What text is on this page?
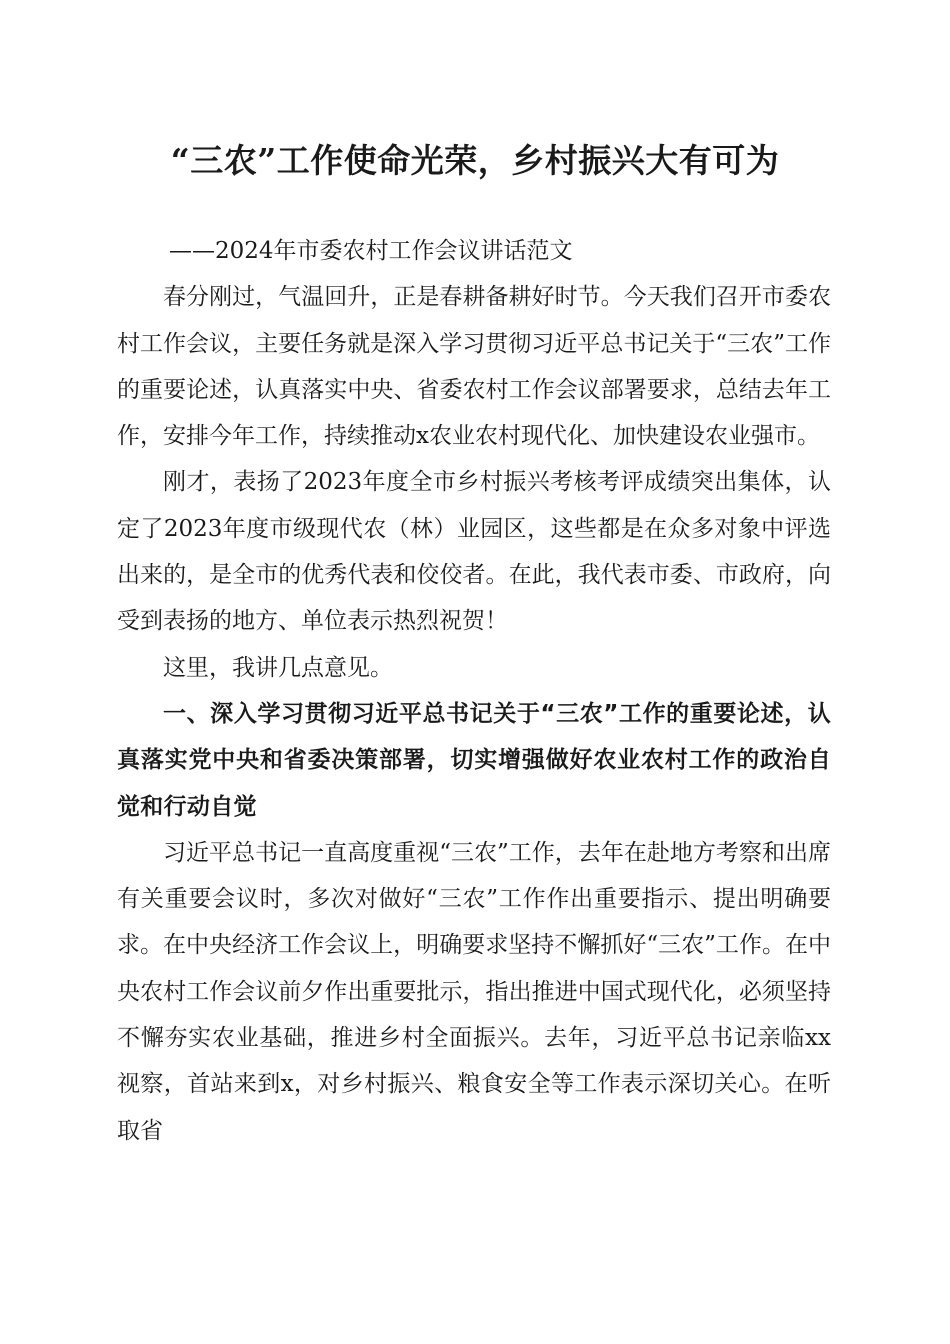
“三农”工作使命光荣，乡村振兴大有可为

——2024年市委农村工作会议讲话范文

春分刚过，气温回升，正是春耕备耕好时节。今天我们召开市委农村工作会议，主要任务就是深入学习贯彻习近平总书记关于“三农”工作的重要论述，认真落实中央、省委农村工作会议部署要求，总结去年工作，安排今年工作，持续推动x农业农村现代化、加快建设农业强市。

刚才，表扬了2023年度全市乡村振兴考核考评成绩突出集体，认定了2023年度市级现代农（林）业园区，这些都是在众多对象中评选出来的，是全市的优秀代表和佼佼者。在此，我代表市委、市政府，向受到表扬的地方、单位表示热烈祝贺！

这里，我讲几点意见。

一、深入学习贯彻习近平总书记关于“三农”工作的重要论述，认真落实党中央和省委决策部署，切实增强做好农业农村工作的政治自觉和行动自觉

习近平总书记一直高度重视“三农”工作，去年在赴地方考察和出席有关重要会议时，多次对做好“三农”工作作出重要指示、提出明确要求。在中央经济工作会议上，明确要求坚持不懈抓好“三农”工作。在中央农村工作会议前夕作出重要批示，指出推进中国式现代化，必须坚持不懈夯实农业基础，推进乡村全面振兴。去年，习近平总书记亲临xx视察，首站来到x，对乡村振兴、粮食安全等工作表示深切关心。在听取省
